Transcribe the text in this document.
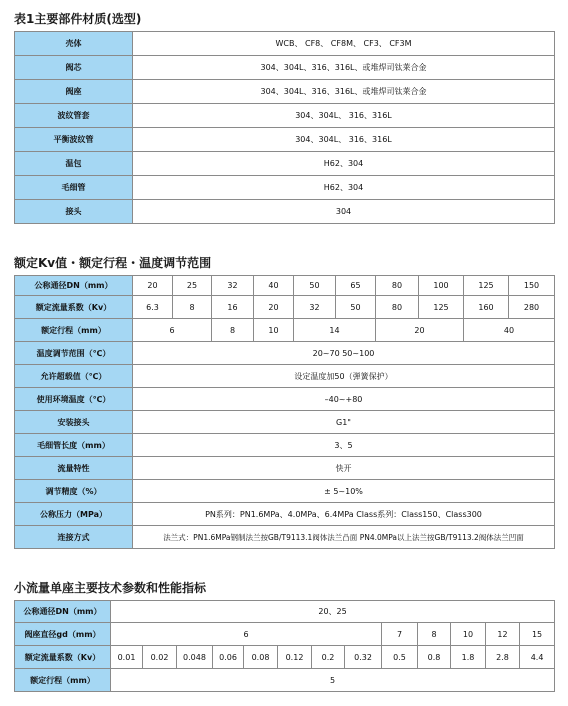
表1主要部件材质(选型)
壳体	WCB、 CF8、 CF8M、 CF3、 CF3M
阀芯	304、304L、316、316L、或堆焊司钛莱合金
阀座	304、304L、316、316L、或堆焊司钛莱合金
波纹管套	304、304L、 316、316L
平衡波纹管	304、304L、 316、316L
温包	H62、304
毛细管	H62、304
接头	304
额定Kv值・额定行程・温度调节范围
公称通径DN（mm）	20	25	32	40	50	65	80	100	125	150
额定流量系数（Kv）	6.3	8	16	20	32	50	80	125	160	280
额定行程（mm）	6		8	10	14		20		40	
温度调节范围（℃）	20~70 50~100									
允许超载值（℃）	设定温度加50（弹簧保护）									
使用环境温度（℃）	–40~+80									
安装接头	G1"									
毛细管长度（mm）	3、5									
流量特性	快开									
调节精度（%）	± 5~10%									
公称压力（MPa）	PN系列：PN1.6MPa、4.0MPa、6.4MPa Class系列：Class150、Class300									
连接方式	法兰式：PN1.6MPa钢制法兰按GB/T9113.1阀体法兰凸面 PN4.0MPa以上法兰按GB/T9113.2阀体法兰凹面									
小流量单座主要技术参数和性能指标
公称通径DN（mm）	20、25												
阀座直径gd（mm）	6								7	8	10	12	15
额定流量系数（Kv）	0.01	0.02	0.048	0.06	0.08	0.12	0.2	0.32	0.5	0.8	1.8	2.8	4.4
额定行程（mm）	5												
